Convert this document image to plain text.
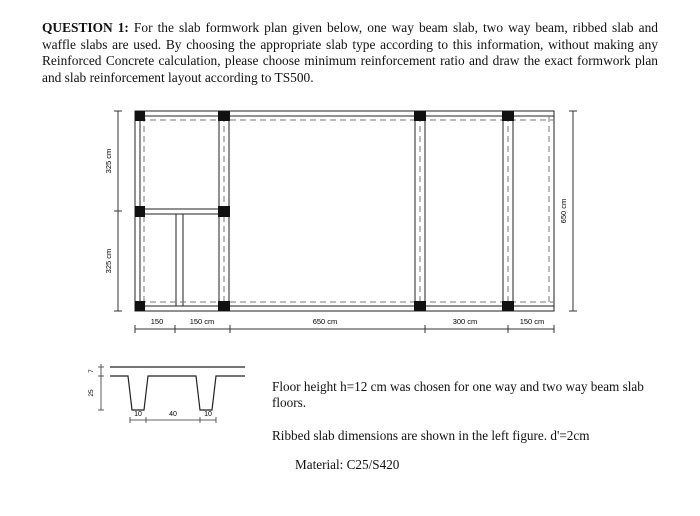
QUESTION 1: For the slab formwork plan given below, one way beam slab, two way beam, ribbed slab and waffle slabs are used. By choosing the appropriate slab type according to this information, without making any Reinforced Concrete calculation, please choose minimum reinforcement ratio and draw the exact formwork plan and slab reinforcement layout according to TS500.

325 cm
325 cm
650 cm
150	150 cm	650 cm	300 cm	150 cm
7
25
10	40	10

Floor height h=12 cm was chosen for one way and two way beam slab floors.

Ribbed slab dimensions are shown in the left figure. d'=2cm

Material: C25/S420
